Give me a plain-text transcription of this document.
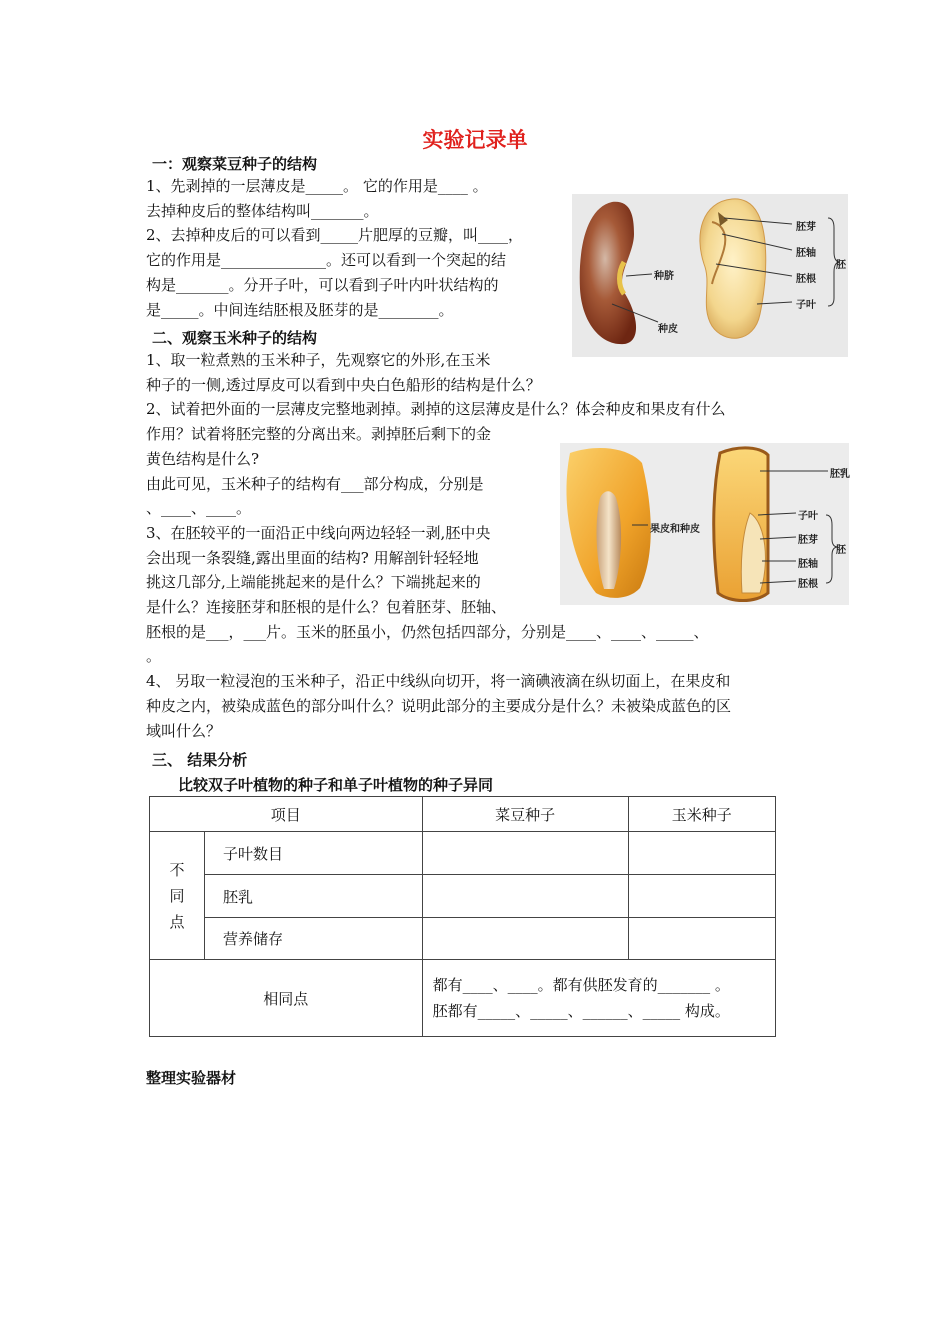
实验记录单
一：观察菜豆种子的结构
1、先剥掉的一层薄皮是_____。 它的作用是____ 。
去掉种皮后的整体结构叫_______。
2、去掉种皮后的可以看到_____片肥厚的豆瓣，叫____，
它的作用是______________。还可以看到一个突起的结
构是_______。分开子叶，可以看到子叶内叶状结构的
是_____。中间连结胚根及胚芽的是________。
种脐
种皮
胚芽
胚轴
胚根
子叶
胚
二、观察玉米种子的结构
1、取一粒煮熟的玉米种子，先观察它的外形,在玉米
种子的一侧,透过厚皮可以看到中央白色船形的结构是什么？
2、试着把外面的一层薄皮完整地剥掉。剥掉的这层薄皮是什么？体会种皮和果皮有什么
作用？试着将胚完整的分离出来。剥掉胚后剩下的金
黄色结构是什么?
由此可见，玉米种子的结构有___部分构成，分别是
、____、____。
3、在胚较平的一面沿正中线向两边轻轻一剥,胚中央
会出现一条裂缝,露出里面的结构? 用解剖针轻轻地
挑这几部分,上端能挑起来的是什么？下端挑起来的
是什么？连接胚芽和胚根的是什么？包着胚芽、胚轴、
胚根的是___，___片。玉米的胚虽小，仍然包括四部分，分别是____、____、_____、
。
4、 另取一粒浸泡的玉米种子，沿正中线纵向切开，将一滴碘液滴在纵切面上，在果皮和
种皮之内，被染成蓝色的部分叫什么？说明此部分的主要成分是什么？未被染成蓝色的区
域叫什么？
果皮和种皮
胚乳
子叶
胚芽
胚轴
胚根
胚
三、 结果分析
比较双子叶植物的种子和单子叶植物的种子异同
项目		菜豆种子	玉米种子

不
同
点	子叶数目		
	胚乳		
	营养储存		
相同点		都有____、____。都有供胚发育的_______ 。
胚都有_____、_____、______、_____ 构成。	
整理实验器材
